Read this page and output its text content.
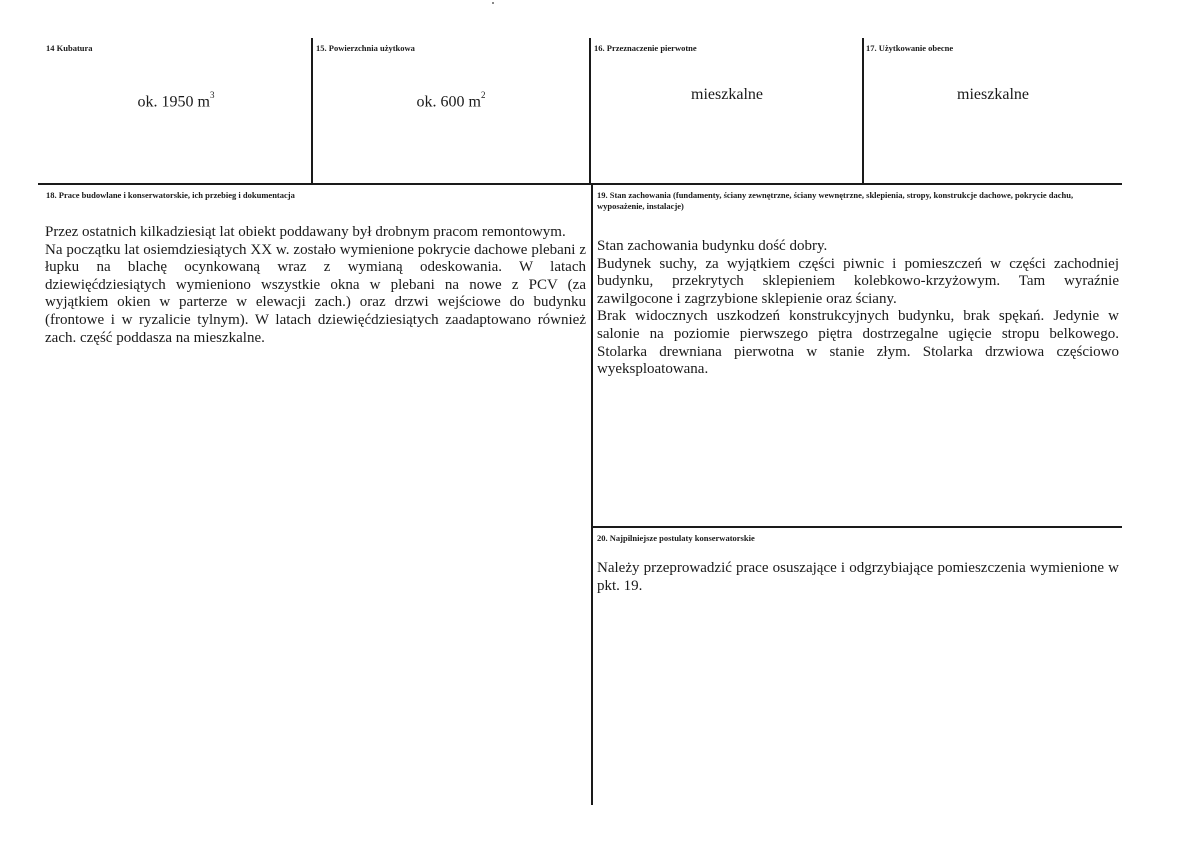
14 Kubatura
ok. 1950 $m^3$
15. Powierzchnia użytkowa
ok. 600 $m^2$
16. Przeznaczenie pierwotne
mieszkalne
17. Użytkowanie obecne
mieszkalne
18. Prace budowlane i konserwatorskie, ich przebieg i dokumentacja

Przez ostatnich kilkadziesiąt lat obiekt poddawany był drobnym pracom remontowym.

Na początku lat osiemdziesiątych XX w. zostało wymienione pokrycie dachowe plebani z łupku na blachę ocynkowaną wraz z wymianą odeskowania. W latach dziewięćdziesiątych wymieniono wszystkie okna w plebani na nowe z PCV (za wyjątkiem okien w parterze w elewacji zach.) oraz drzwi wejściowe do budynku (frontowe i w ryzalicie tylnym). W latach dziewięćdziesiątych zaadaptowano również zach. część poddasza na mieszkalne.

19. Stan zachowania (fundamenty, ściany zewnętrzne, ściany wewnętrzne, sklepienia, stropy, konstrukcje dachowe, pokrycie dachu, wyposażenie, instalacje)

Stan zachowania budynku dość dobry.

Budynek suchy, za wyjątkiem części piwnic i pomieszczeń w części zachodniej budynku, przekrytych sklepieniem kolebkowo-krzyżowym. Tam wyraźnie zawilgocone i zagrzybione sklepienie oraz ściany.

Brak widocznych uszkodzeń konstrukcyjnych budynku, brak spękań. Jedynie w salonie na poziomie pierwszego piętra dostrzegalne ugięcie stropu belkowego. Stolarka drewniana pierwotna w stanie złym. Stolarka drzwiowa częściowo wyeksploatowana.

20. Najpilniejsze postulaty konserwatorskie

Należy przeprowadzić prace osuszające i odgrzybiające pomieszczenia wymienione w pkt. 19.
